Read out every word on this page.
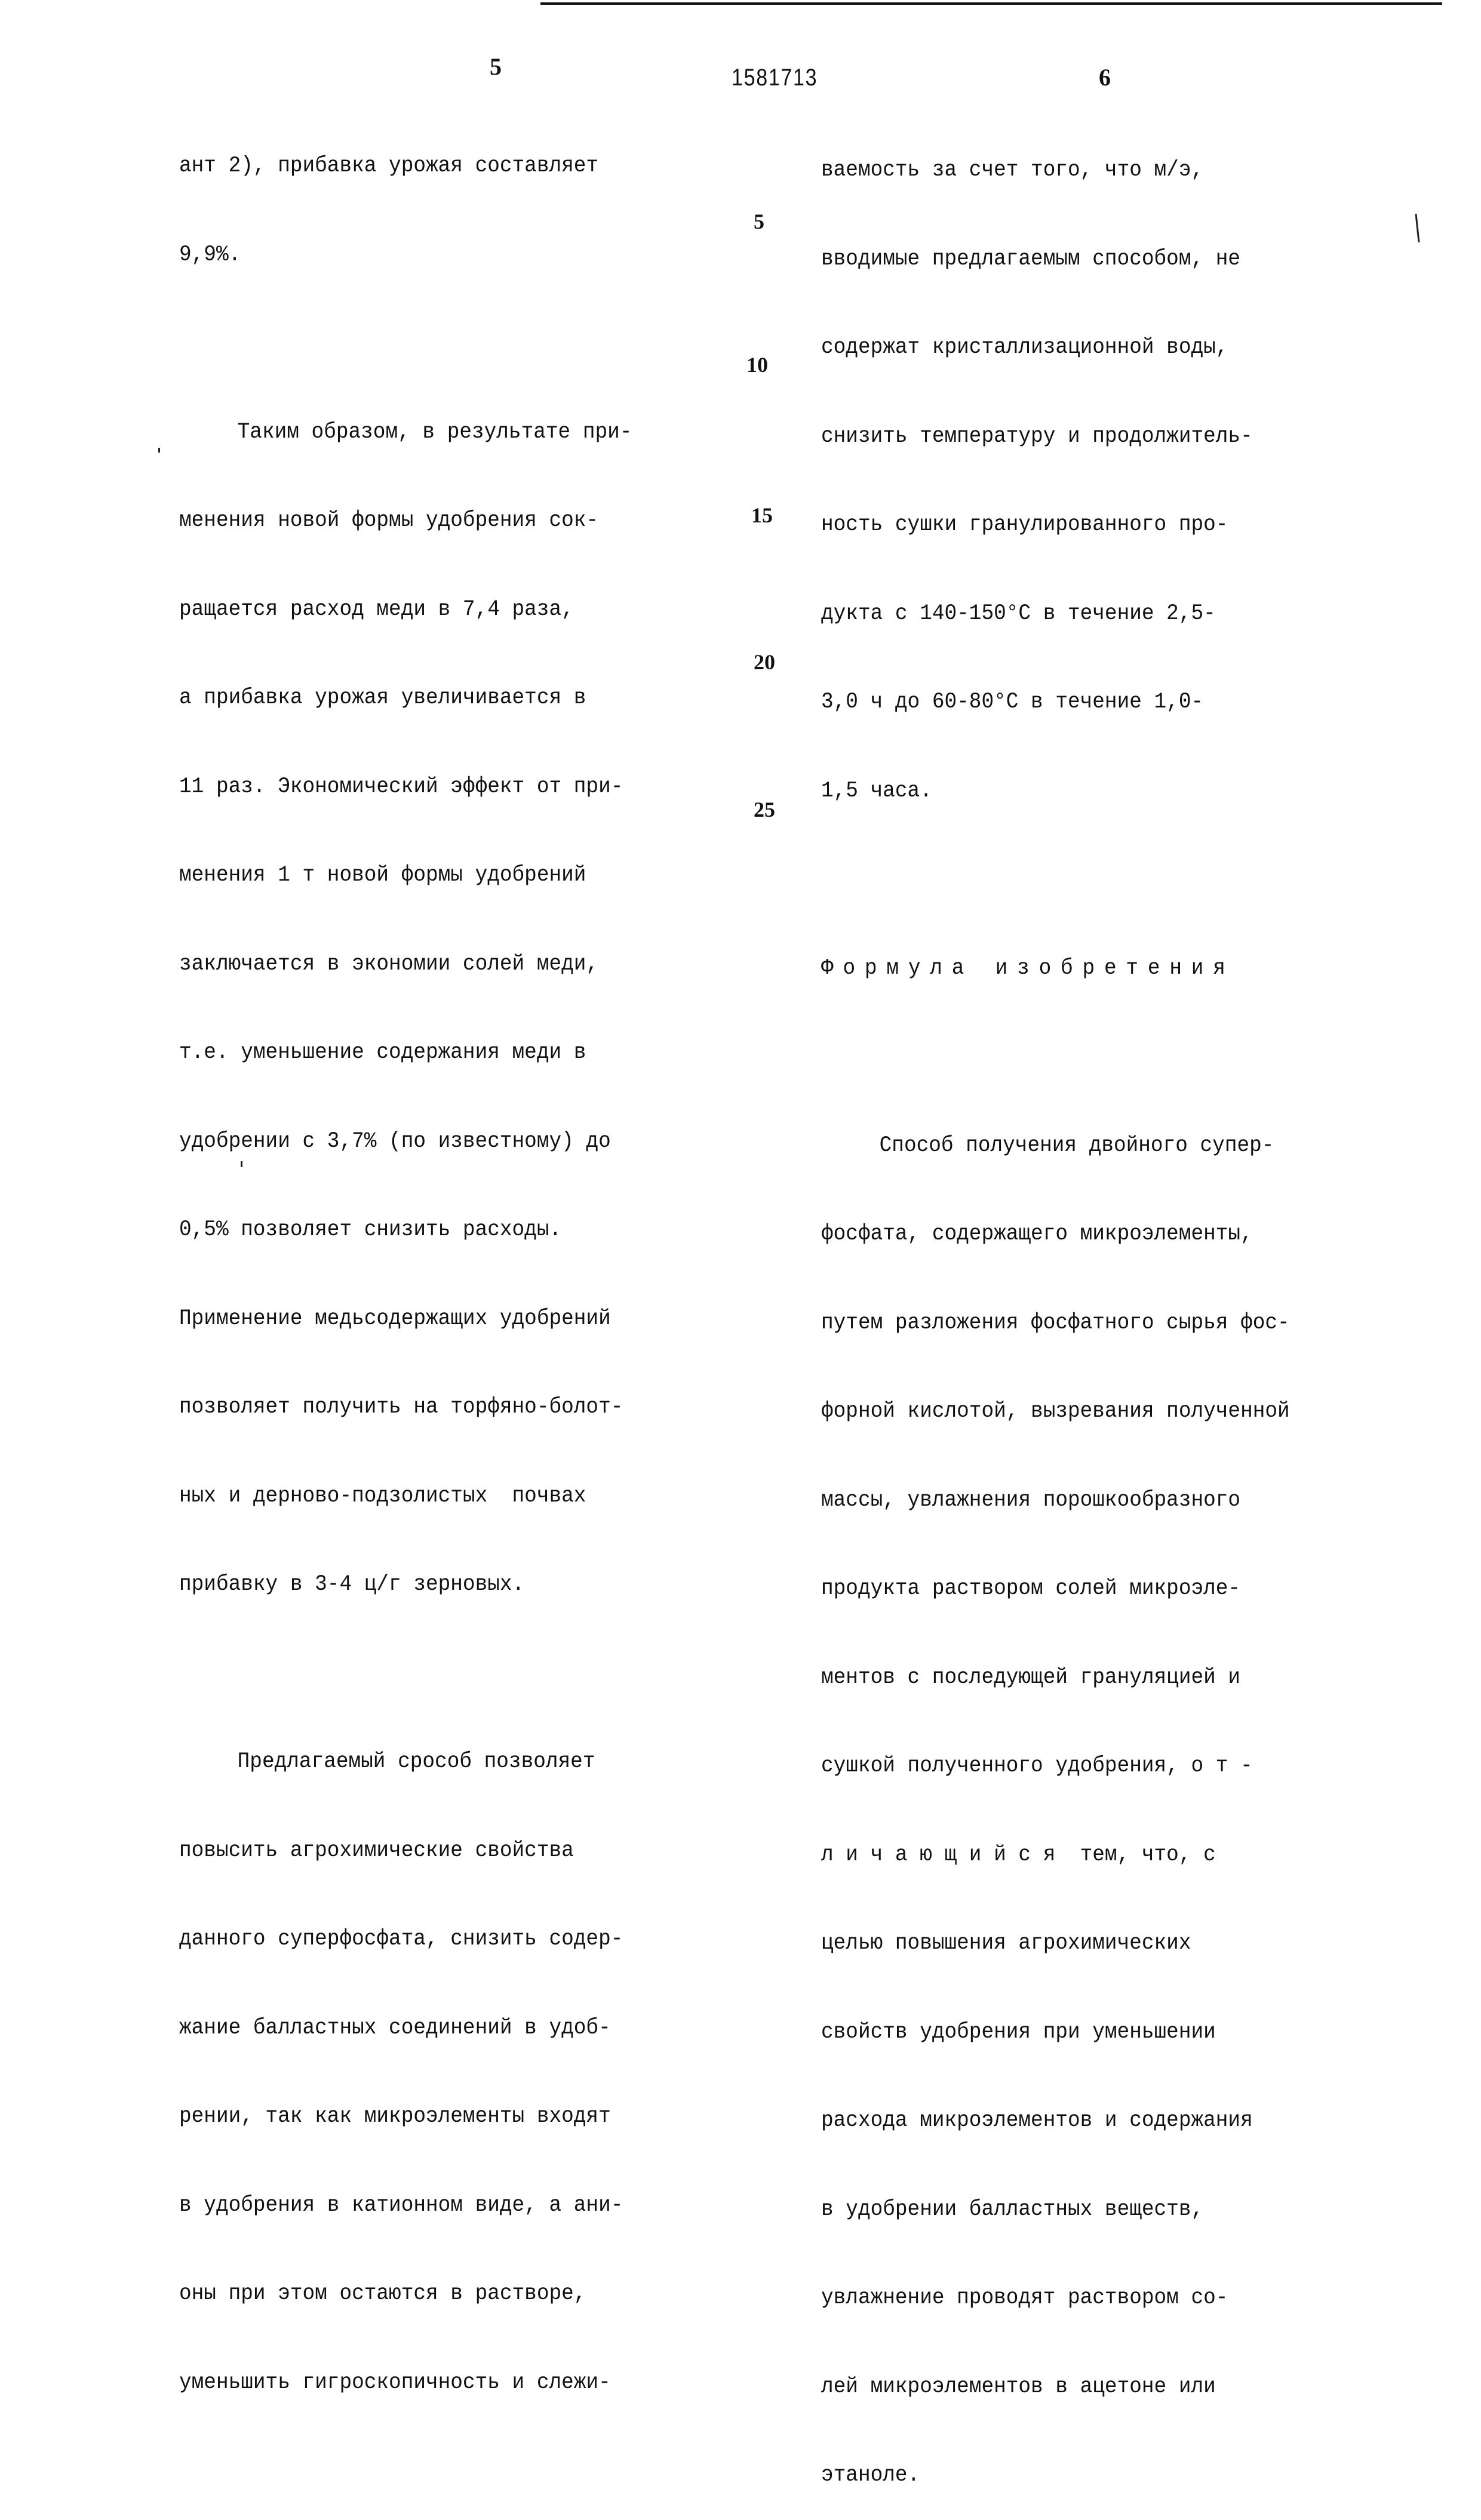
5	1581713	6

ант 2), прибавка урожая составляет

9,9%.

Таким образом, в результате при-

менения новой формы удобрения сок-

ращается расход меди в 7,4 раза,

а прибавка урожая увеличивается в

11 раз. Экономический эффект от при-

менения 1 т новой формы удобрений

заключается в экономии солей меди,

т.е. уменьшение содержания меди в

удобрении с 3,7% (по известному) до

0,5% позволяет снизить расходы.

Применение медьсодержащих удобрений

позволяет получить на торфяно-болот-

ных и дерново-подзолистых  почвах

прибавку в 3-4 ц/г зерновых.

Предлагаемый срособ позволяет

повысить агрохимические свойства

данного суперфосфата, снизить содер-

жание балластных соединений в удоб-

рении, так как микроэлементы входят

в удобрения в катионном виде, а ани-

оны при этом остаются в растворе,

уменьшить гигроскопичность и слежи-

ваемость за счет того, что м/э,

вводимые предлагаемым способом, не

содержат кристаллизационной воды,

снизить температуру и продолжитель-

ность сушки гранулированного про-

дукта с 140-150°C в течение 2,5-

3,0 ч до 60-80°C в течение 1,0-

1,5 часа.

Формула изобретения

Способ получения двойного супер-

фосфата, содержащего микроэлементы,

путем разложения фосфатного сырья фос-

форной кислотой, вызревания полученной

массы, увлажнения порошкообразного

продукта раствором солей микроэле-

ментов с последующей грануляцией и

сушкой полученного удобрения, о т -

л и ч а ю щ и й с я  тем, что, с

целью повышения агрохимических

свойств удобрения при уменьшении

расхода микроэлементов и содержания

в удобрении балластных веществ,

увлажнение проводят раствором со-

лей микроэлементов в ацетоне или

этаноле.

5
10
15
20
25
